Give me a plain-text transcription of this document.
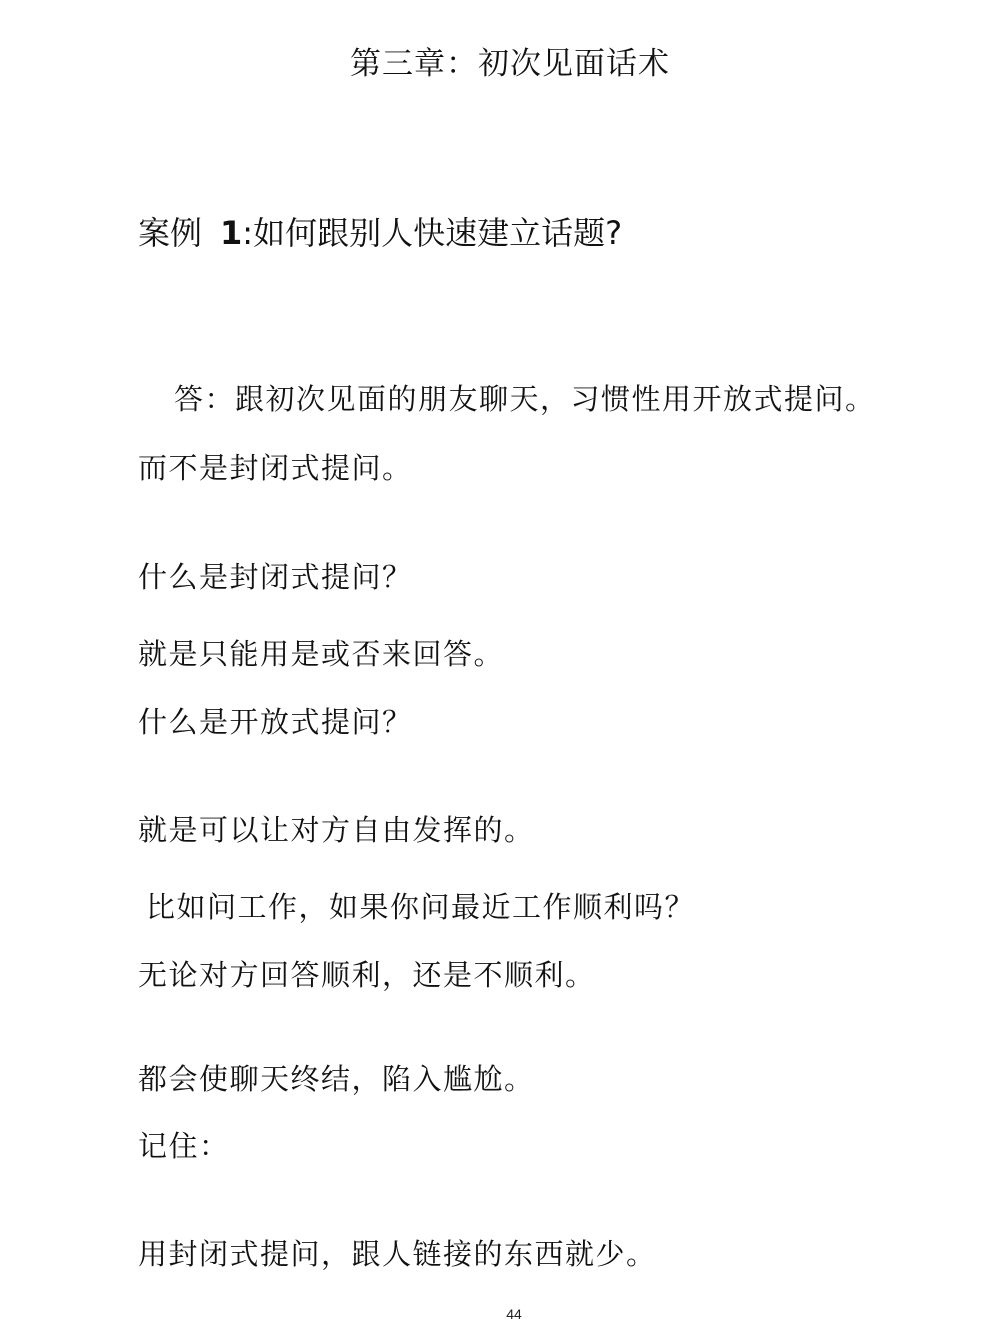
第三章：初次见面话术
案例 1:如何跟别人快速建立话题?
答：跟初次见面的朋友聊天，习惯性用开放式提问。
而不是封闭式提问。
什么是封闭式提问？
就是只能用是或否来回答。
什么是开放式提问？
就是可以让对方自由发挥的。
比如问工作，如果你问最近工作顺利吗？
无论对方回答顺利，还是不顺利。
都会使聊天终结，陷入尴尬。
记住：
用封闭式提问，跟人链接的东西就少。
44
